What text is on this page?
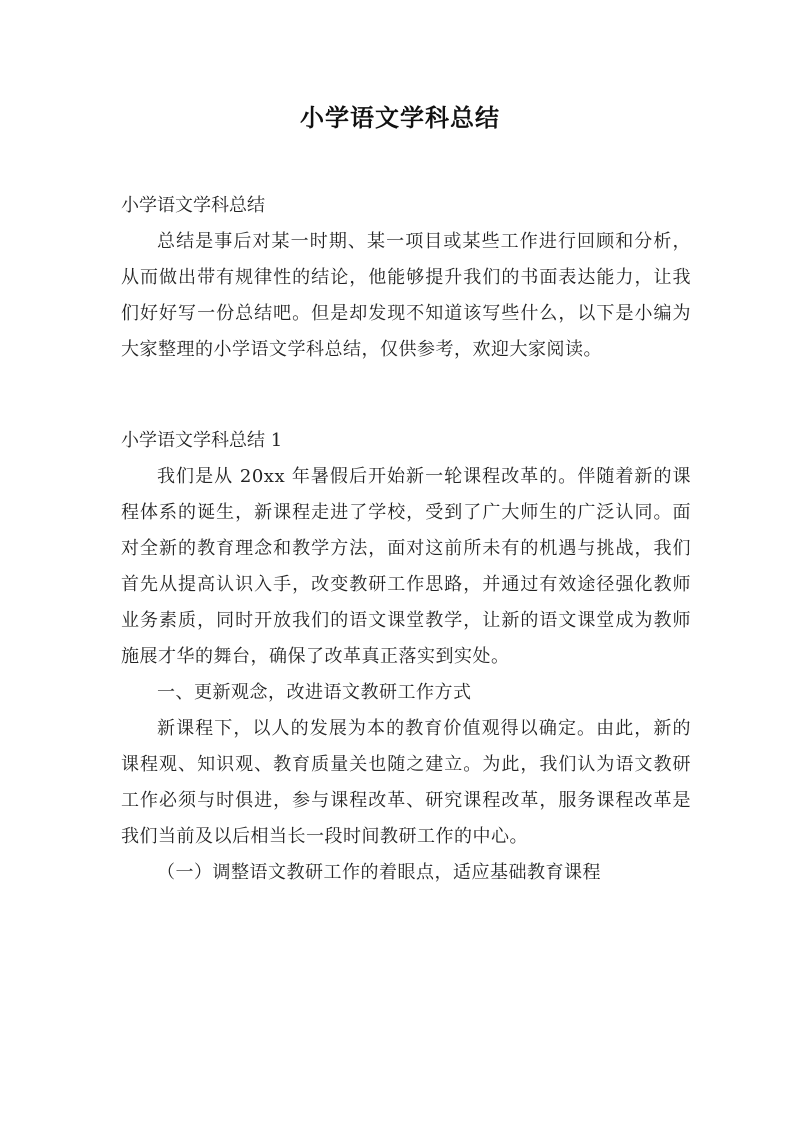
小学语文学科总结

小学语文学科总结

总结是事后对某一时期、某一项目或某些工作进行回顾和分析，从而做出带有规律性的结论，他能够提升我们的书面表达能力，让我们好好写一份总结吧。但是却发现不知道该写些什么，以下是小编为大家整理的小学语文学科总结，仅供参考，欢迎大家阅读。

小学语文学科总结 1

我们是从 20xx 年暑假后开始新一轮课程改革的。伴随着新的课程体系的诞生，新课程走进了学校，受到了广大师生的广泛认同。面对全新的教育理念和教学方法，面对这前所未有的机遇与挑战，我们首先从提高认识入手，改变教研工作思路，并通过有效途径强化教师业务素质，同时开放我们的语文课堂教学，让新的语文课堂成为教师施展才华的舞台，确保了改革真正落实到实处。

一、更新观念，改进语文教研工作方式

新课程下，以人的发展为本的教育价值观得以确定。由此，新的课程观、知识观、教育质量关也随之建立。为此，我们认为语文教研工作必须与时俱进，参与课程改革、研究课程改革，服务课程改革是我们当前及以后相当长一段时间教研工作的中心。

（一）调整语文教研工作的着眼点，适应基础教育课程
